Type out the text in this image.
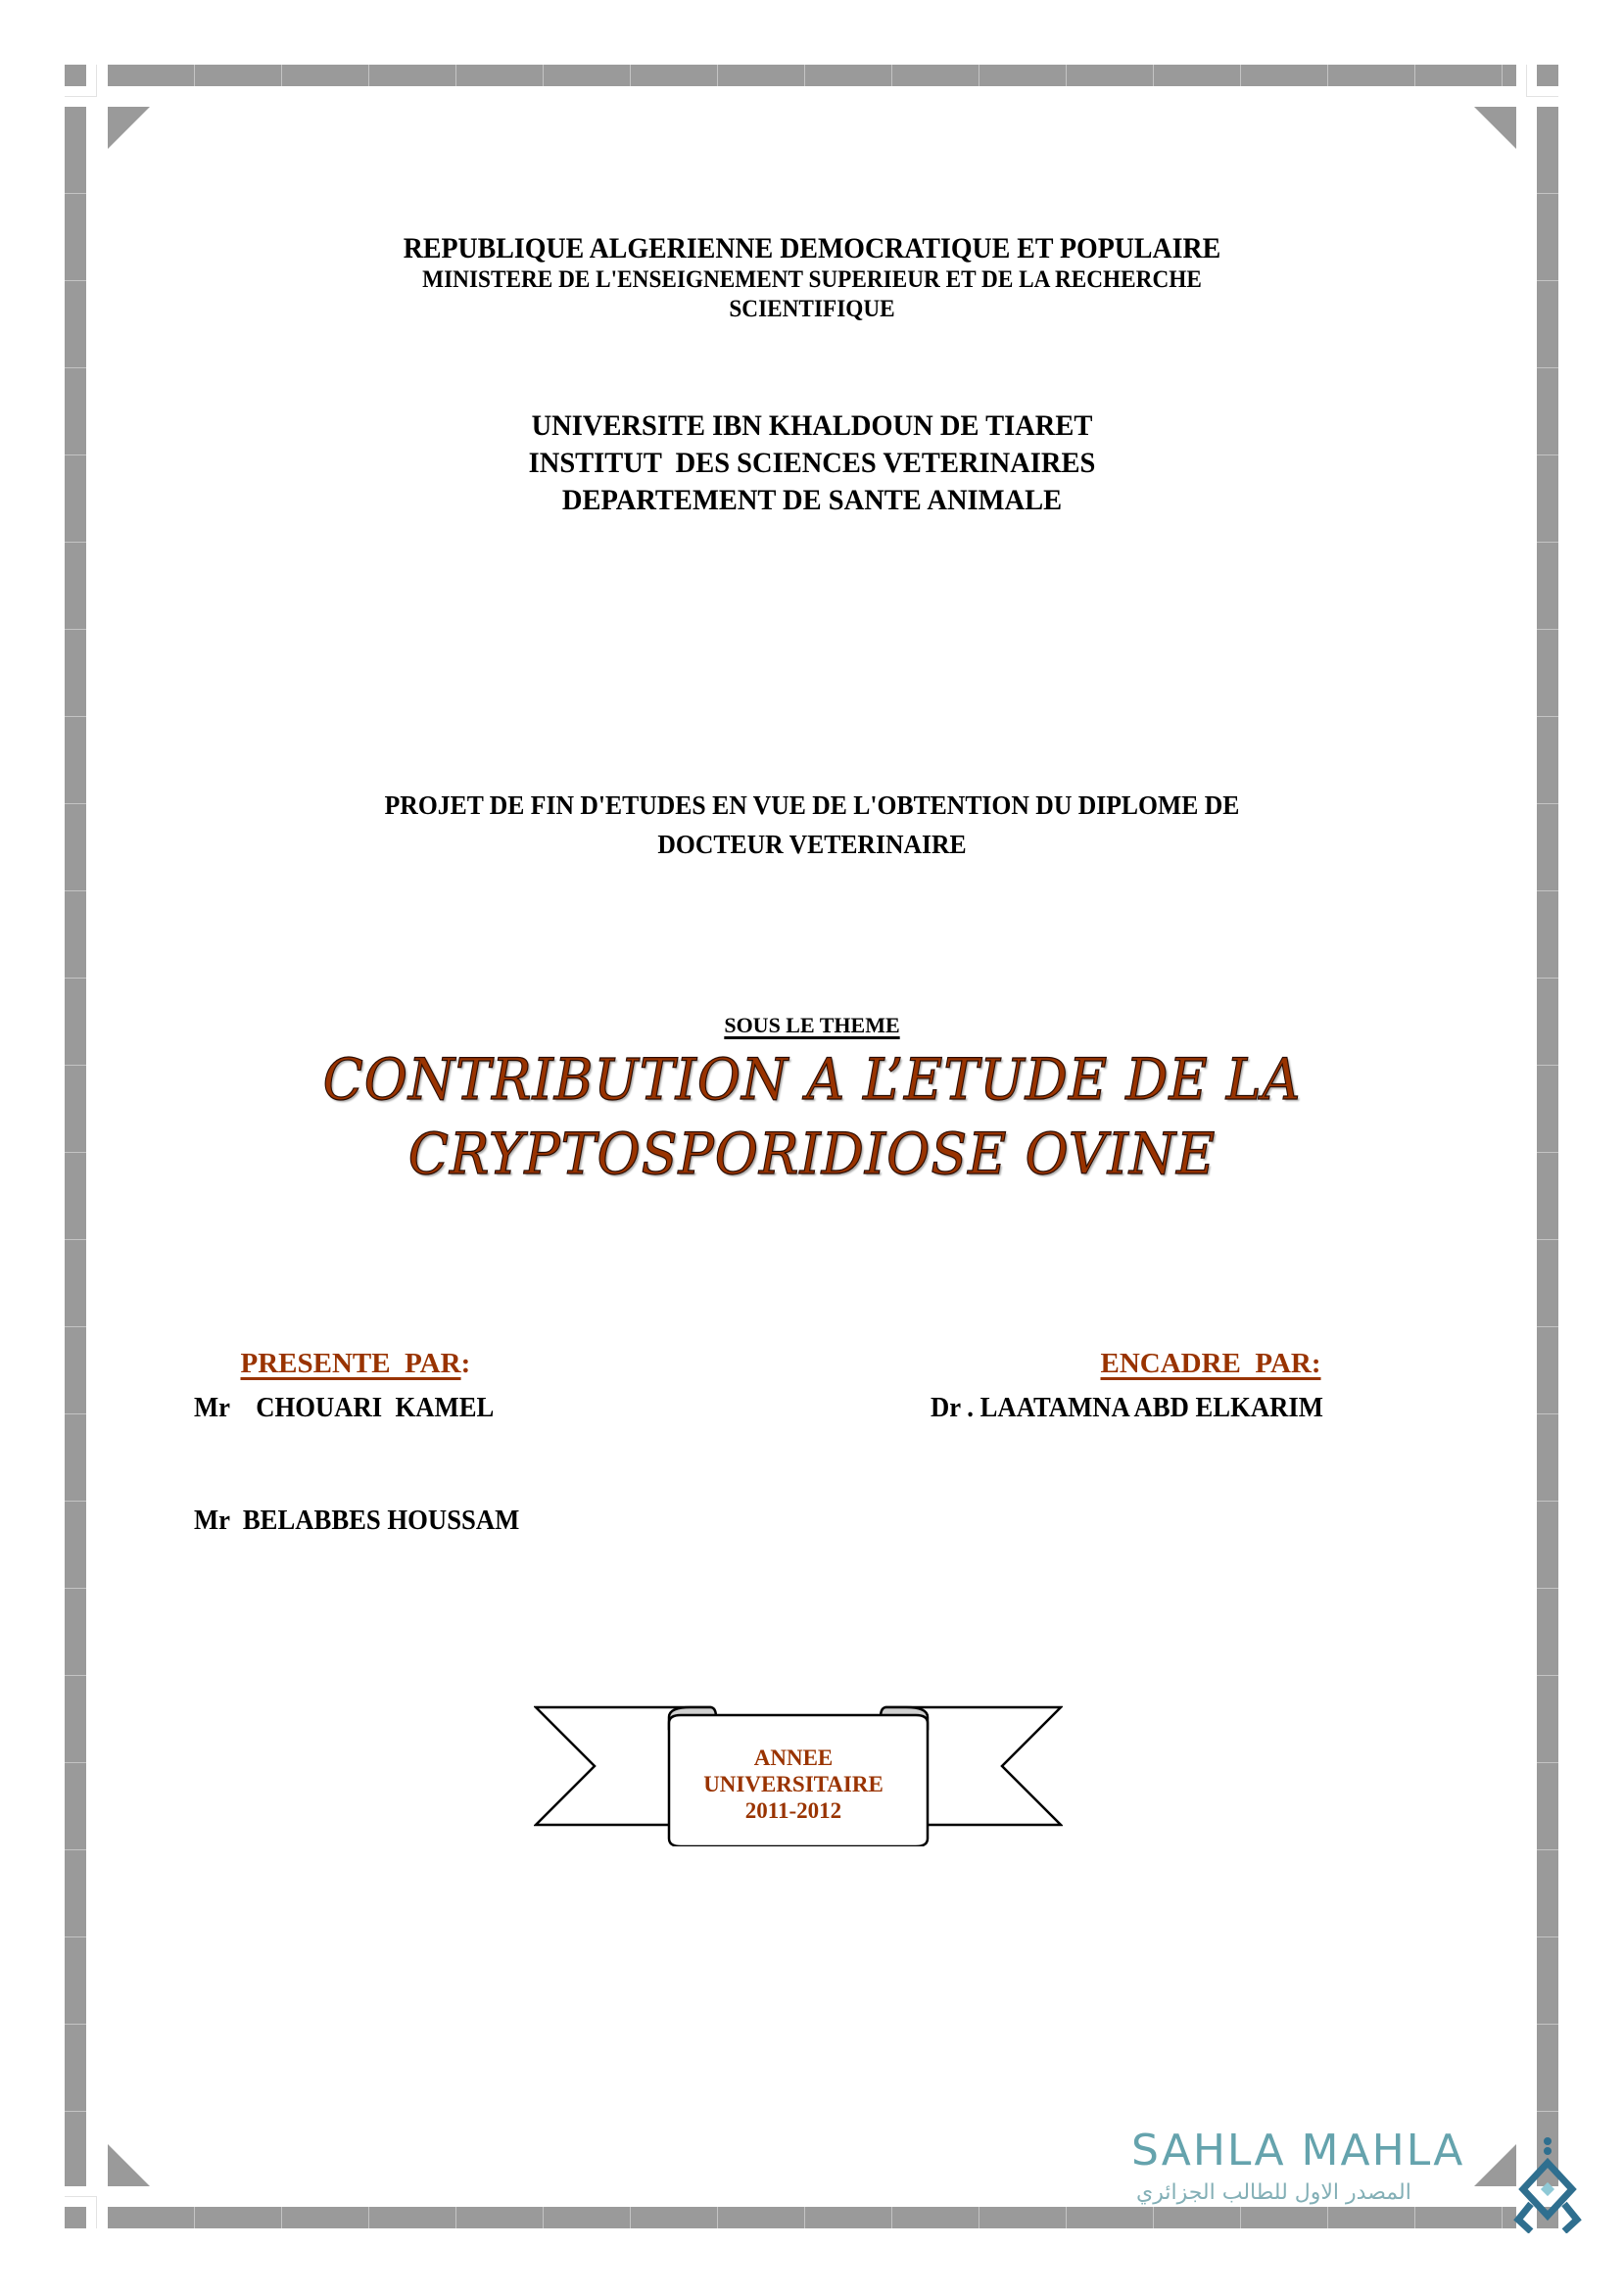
REPUBLIQUE ALGERIENNE DEMOCRATIQUE ET POPULAIRE
MINISTERE DE L'ENSEIGNEMENT SUPERIEUR ET DE LA RECHERCHE
SCIENTIFIQUE
UNIVERSITE IBN KHALDOUN DE TIARET
INSTITUT  DES SCIENCES VETERINAIRES
DEPARTEMENT DE SANTE ANIMALE
PROJET DE FIN D'ETUDES EN VUE DE L'OBTENTION DU DIPLOME DE
DOCTEUR VETERINAIRE
SOUS LE THEME
CONTRIBUTION A L’ETUDE DE LA
CRYPTOSPORIDIOSE OVINE

PRESENTE  PAR:	ENCADRE  PAR:

Mr    CHOUARI  KAMEL	Dr . LAATAMNA ABD ELKARIM
Mr  BELABBES HOUSSAM
ANNEE
UNIVERSITAIRE
2011-2012
SAHLA MAHLA
المصدر الاول للطالب الجزائري
